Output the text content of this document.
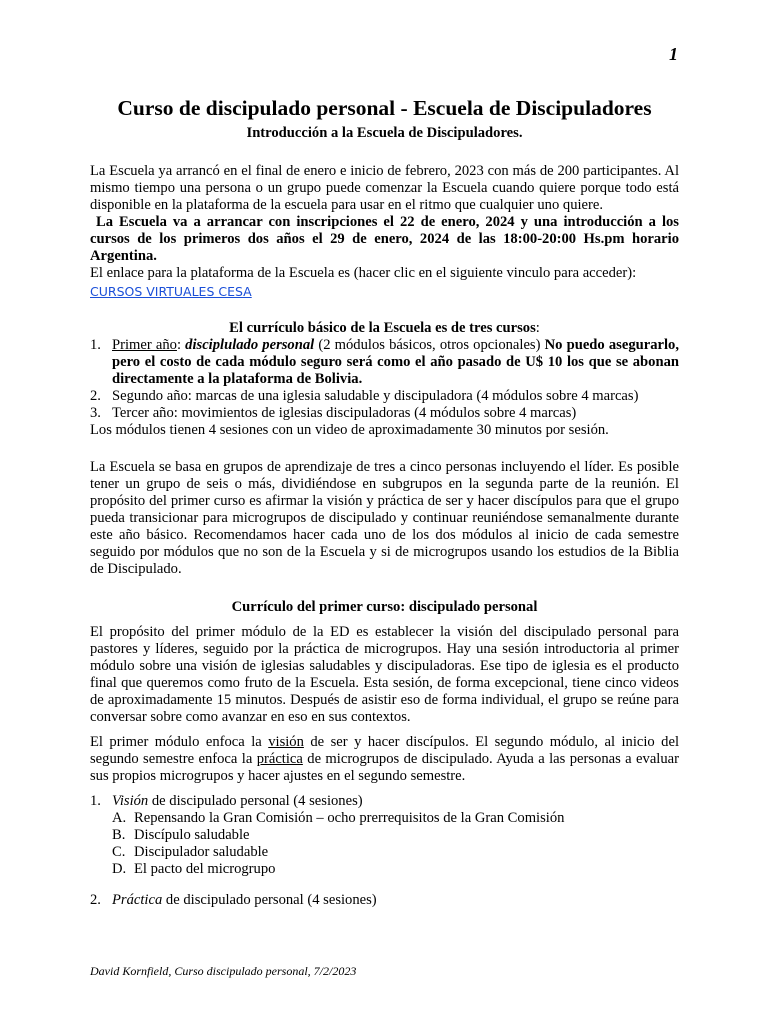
1
Curso de discipulado personal - Escuela de Discipuladores
Introducción a la Escuela de Discipuladores.

La Escuela ya arrancó en el final de enero e inicio de febrero, 2023 con más de 200 participantes. Al mismo tiempo una persona o un grupo puede comenzar la Escuela cuando quiere porque todo está disponible en la plataforma de la escuela para usar en el ritmo que cualquier uno quiere.

La Escuela va a arrancar con inscripciones el 22 de enero, 2024 y una introducción a los cursos de los primeros dos años el 29 de enero, 2024 de las 18:00-20:00 Hs.pm horario Argentina.

El enlace para la plataforma de la Escuela es (hacer clic en el siguiente vinculo para acceder):

CURSOS VIRTUALES CESA

El currículo básico de la Escuela es de tres cursos:

1. Primer año: disciplulado personal (2 módulos básicos, otros opcionales) No puedo asegurarlo, pero el costo de cada módulo seguro será como el año pasado de U$ 10 los que se abonan directamente a la plataforma de Bolivia.
2. Segundo año: marcas de una iglesia saludable y discipuladora (4 módulos sobre 4 marcas)
3. Tercer año: movimientos de iglesias discipuladoras (4 módulos sobre 4 marcas)

Los módulos tienen 4 sesiones con un video de aproximadamente 30 minutos por sesión.

La Escuela se basa en grupos de aprendizaje de tres a cinco personas incluyendo el líder. Es posible tener un grupo de seis o más, dividiéndose en subgrupos en la segunda parte de la reunión. El propósito del primer curso es afirmar la visión y práctica de ser y hacer discípulos para que el grupo pueda transicionar para microgrupos de discipulado y continuar reuniéndose semanalmente durante este año básico. Recomendamos hacer cada uno de los dos módulos al inicio de cada semestre seguido por módulos que no son de la Escuela y si de microgrupos usando los estudios de la Biblia de Discipulado.

Currículo del primer curso: discipulado personal

El propósito del primer módulo de la ED es establecer la visión del discipulado personal para pastores y líderes, seguido por la práctica de microgrupos. Hay una sesión introductoria al primer módulo sobre una visión de iglesias saludables y discipuladoras. Ese tipo de iglesia es el producto final que queremos como fruto de la Escuela. Esta sesión, de forma excepcional, tiene cinco videos de aproximadamente 15 minutos. Después de asistir eso de forma individual, el grupo se reúne para conversar sobre como avanzar en eso en sus contextos.

El primer módulo enfoca la visión de ser y hacer discípulos. El segundo módulo, al inicio del segundo semestre enfoca la práctica de microgrupos de discipulado. Ayuda a las personas a evaluar sus propios microgrupos y hacer ajustes en el segundo semestre.

1. Visión de discipulado personal (4 sesiones)
A. Repensando la Gran Comisión – ocho prerrequisitos de la Gran Comisión
B. Discípulo saludable
C. Discipulador saludable
D. El pacto del microgrupo
2. Práctica de discipulado personal (4 sesiones)
David Kornfield, Curso discipulado personal, 7/2/2023
